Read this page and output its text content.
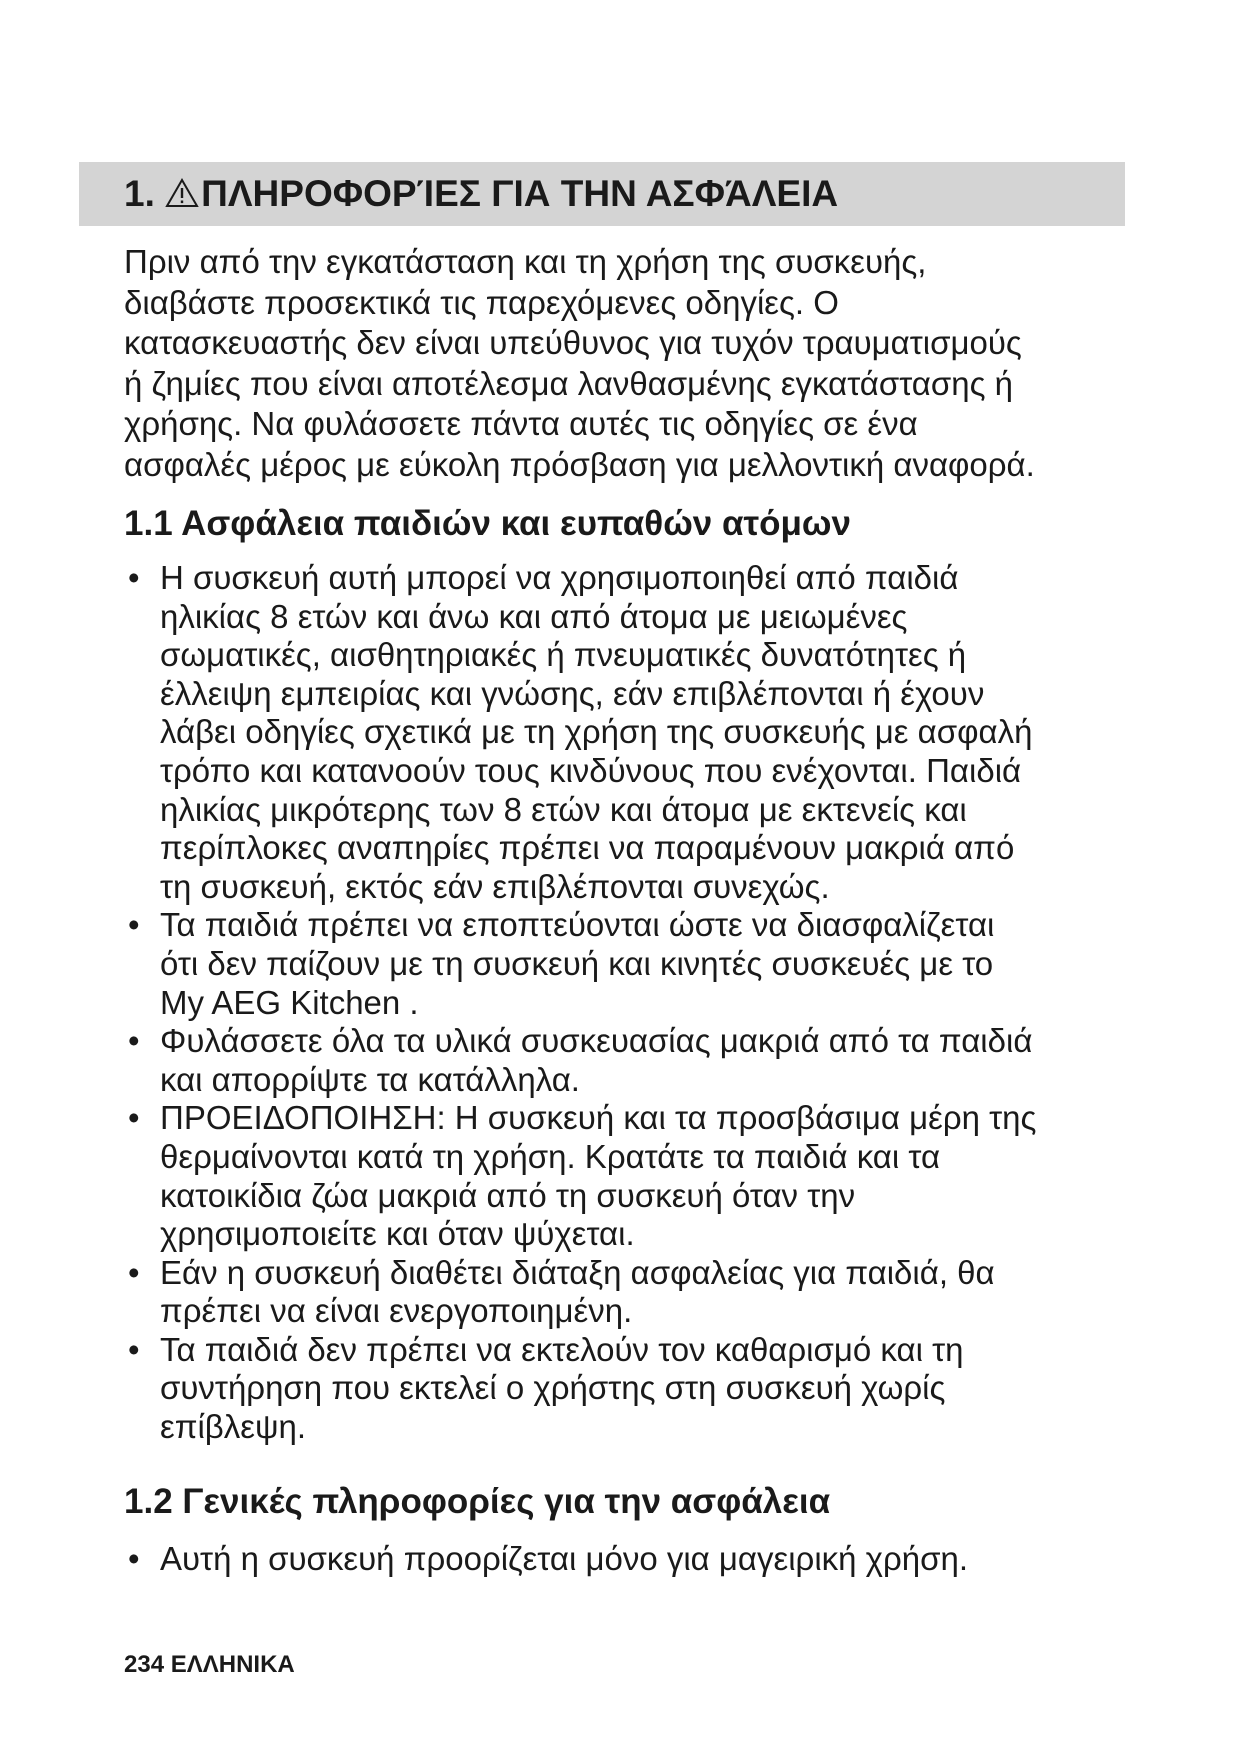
1. ΠΛΗΡΟΦΟΡΊΕΣ ΓΙΑ ΤΗΝ ΑΣΦΆΛΕΙΑ
Πριν από την εγκατάσταση και τη χρήση της συσκευής,
διαβάστε προσεκτικά τις παρεχόμενες οδηγίες. Ο
κατασκευαστής δεν είναι υπεύθυνος για τυχόν τραυματισμούς
ή ζημίες που είναι αποτέλεσμα λανθασμένης εγκατάστασης ή
χρήσης. Να φυλάσσετε πάντα αυτές τις οδηγίες σε ένα
ασφαλές μέρος με εύκολη πρόσβαση για μελλοντική αναφορά.
1.1 Ασφάλεια παιδιών και ευπαθών ατόμων
• Η συσκευή αυτή μπορεί να χρησιμοποιηθεί από παιδιά
ηλικίας 8 ετών και άνω και από άτομα με μειωμένες
σωματικές, αισθητηριακές ή πνευματικές δυνατότητες ή
έλλειψη εμπειρίας και γνώσης, εάν επιβλέπονται ή έχουν
λάβει οδηγίες σχετικά με τη χρήση της συσκευής με ασφαλή
τρόπο και κατανοούν τους κινδύνους που ενέχονται. Παιδιά
ηλικίας μικρότερης των 8 ετών και άτομα με εκτενείς και
περίπλοκες αναπηρίες πρέπει να παραμένουν μακριά από
τη συσκευή, εκτός εάν επιβλέπονται συνεχώς.
• Τα παιδιά πρέπει να εποπτεύονται ώστε να διασφαλίζεται
ότι δεν παίζουν με τη συσκευή και κινητές συσκευές με το
My AEG Kitchen .
• Φυλάσσετε όλα τα υλικά συσκευασίας μακριά από τα παιδιά
και απορρίψτε τα κατάλληλα.
• ΠΡΟΕΙΔΟΠΟΙΗΣΗ: Η συσκευή και τα προσβάσιμα μέρη της
θερμαίνονται κατά τη χρήση. Κρατάτε τα παιδιά και τα
κατοικίδια ζώα μακριά από τη συσκευή όταν την
χρησιμοποιείτε και όταν ψύχεται.
• Εάν η συσκευή διαθέτει διάταξη ασφαλείας για παιδιά, θα
πρέπει να είναι ενεργοποιημένη.
• Τα παιδιά δεν πρέπει να εκτελούν τον καθαρισμό και τη
συντήρηση που εκτελεί ο χρήστης στη συσκευή χωρίς
επίβλεψη.
1.2 Γενικές πληροφορίες για την ασφάλεια
• Αυτή η συσκευή προορίζεται μόνο για μαγειρική χρήση.
234 ΕΛΛΗΝΙΚΑ
